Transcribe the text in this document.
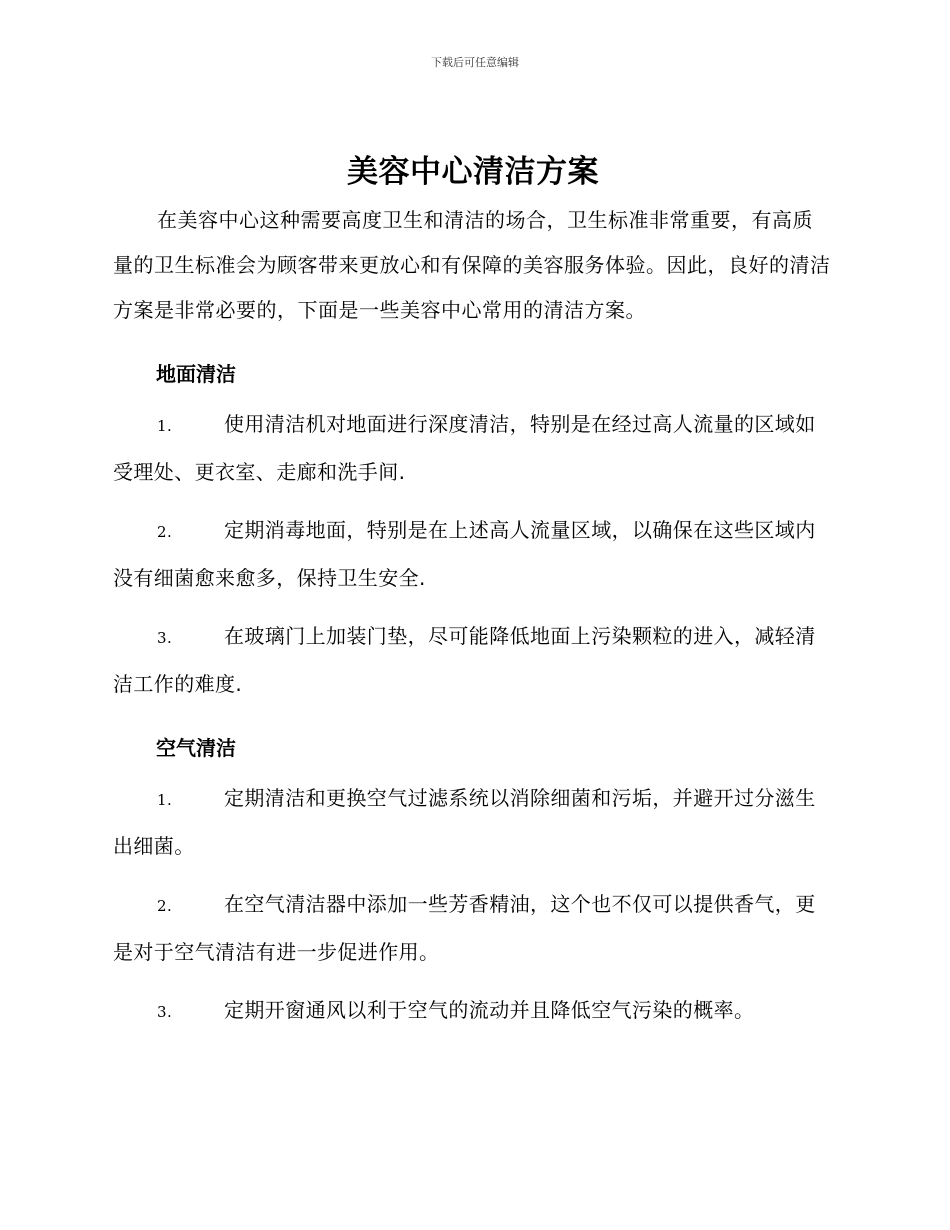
下载后可任意编辑
美容中心清洁方案

在美容中心这种需要高度卫生和清洁的场合，卫生标准非常重要，有高质量的卫生标准会为顾客带来更放心和有保障的美容服务体验。因此，良好的清洁方案是非常必要的，下面是一些美容中心常用的清洁方案。

地面清洁
1.	使用清洁机对地面进行深度清洁，特别是在经过高人流量的区域如受理处、更衣室、走廊和洗手间.
2.	定期消毒地面，特别是在上述高人流量区域，以确保在这些区域内没有细菌愈来愈多，保持卫生安全.
3.	在玻璃门上加装门垫，尽可能降低地面上污染颗粒的进入，减轻清洁工作的难度.
空气清洁
1.	定期清洁和更换空气过滤系统以消除细菌和污垢，并避开过分滋生出细菌。
2.	在空气清洁器中添加一些芳香精油，这个也不仅可以提供香气，更是对于空气清洁有进一步促进作用。
3.	定期开窗通风以利于空气的流动并且降低空气污染的概率。
